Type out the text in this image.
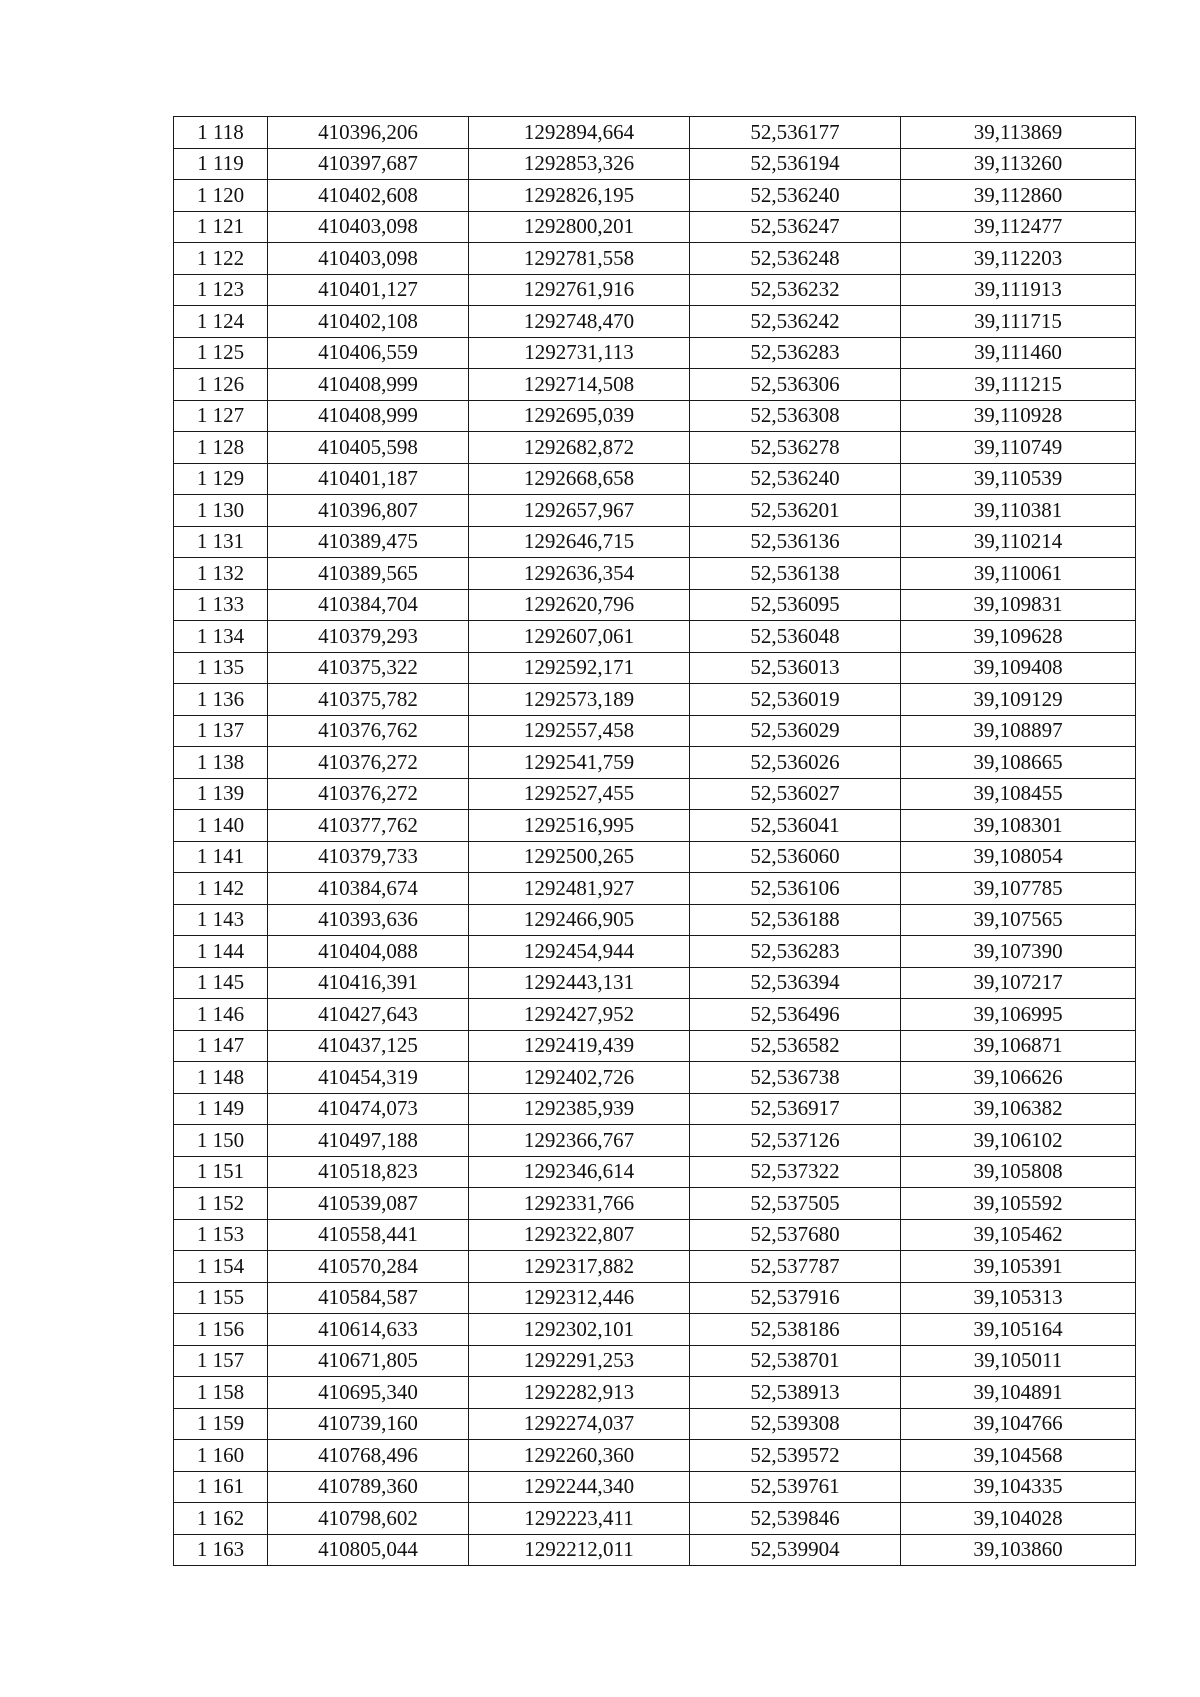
1 118	410396,206	1292894,664	52,536177	39,113869
1 119	410397,687	1292853,326	52,536194	39,113260
1 120	410402,608	1292826,195	52,536240	39,112860
1 121	410403,098	1292800,201	52,536247	39,112477
1 122	410403,098	1292781,558	52,536248	39,112203
1 123	410401,127	1292761,916	52,536232	39,111913
1 124	410402,108	1292748,470	52,536242	39,111715
1 125	410406,559	1292731,113	52,536283	39,111460
1 126	410408,999	1292714,508	52,536306	39,111215
1 127	410408,999	1292695,039	52,536308	39,110928
1 128	410405,598	1292682,872	52,536278	39,110749
1 129	410401,187	1292668,658	52,536240	39,110539
1 130	410396,807	1292657,967	52,536201	39,110381
1 131	410389,475	1292646,715	52,536136	39,110214
1 132	410389,565	1292636,354	52,536138	39,110061
1 133	410384,704	1292620,796	52,536095	39,109831
1 134	410379,293	1292607,061	52,536048	39,109628
1 135	410375,322	1292592,171	52,536013	39,109408
1 136	410375,782	1292573,189	52,536019	39,109129
1 137	410376,762	1292557,458	52,536029	39,108897
1 138	410376,272	1292541,759	52,536026	39,108665
1 139	410376,272	1292527,455	52,536027	39,108455
1 140	410377,762	1292516,995	52,536041	39,108301
1 141	410379,733	1292500,265	52,536060	39,108054
1 142	410384,674	1292481,927	52,536106	39,107785
1 143	410393,636	1292466,905	52,536188	39,107565
1 144	410404,088	1292454,944	52,536283	39,107390
1 145	410416,391	1292443,131	52,536394	39,107217
1 146	410427,643	1292427,952	52,536496	39,106995
1 147	410437,125	1292419,439	52,536582	39,106871
1 148	410454,319	1292402,726	52,536738	39,106626
1 149	410474,073	1292385,939	52,536917	39,106382
1 150	410497,188	1292366,767	52,537126	39,106102
1 151	410518,823	1292346,614	52,537322	39,105808
1 152	410539,087	1292331,766	52,537505	39,105592
1 153	410558,441	1292322,807	52,537680	39,105462
1 154	410570,284	1292317,882	52,537787	39,105391
1 155	410584,587	1292312,446	52,537916	39,105313
1 156	410614,633	1292302,101	52,538186	39,105164
1 157	410671,805	1292291,253	52,538701	39,105011
1 158	410695,340	1292282,913	52,538913	39,104891
1 159	410739,160	1292274,037	52,539308	39,104766
1 160	410768,496	1292260,360	52,539572	39,104568
1 161	410789,360	1292244,340	52,539761	39,104335
1 162	410798,602	1292223,411	52,539846	39,104028
1 163	410805,044	1292212,011	52,539904	39,103860
